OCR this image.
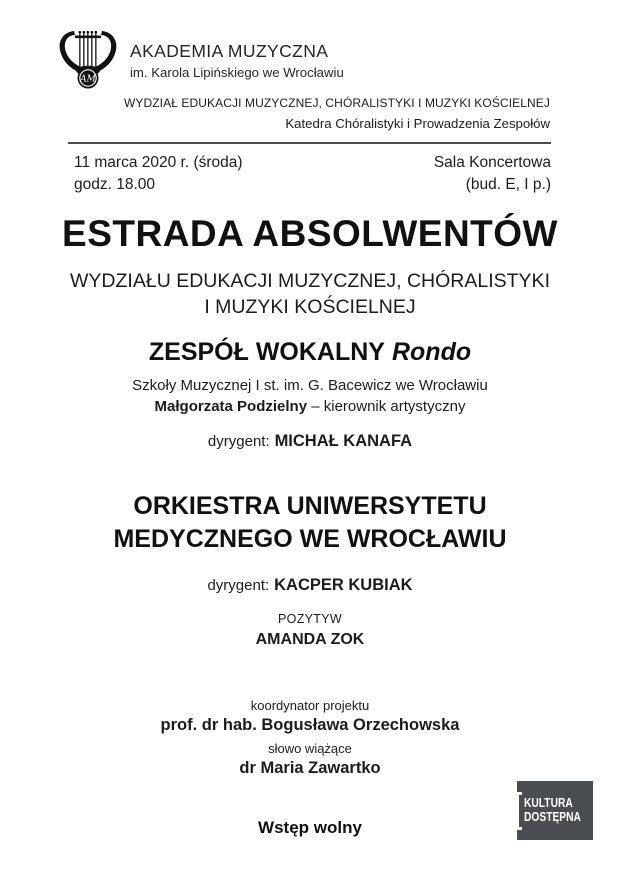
AM
AKADEMIA MUZYCZNA
im. Karola Lipińskiego we Wrocławiu
WYDZIAŁ EDUKACJI MUZYCZNEJ, CHÓRALISTYKI I MUZYKI KOŚCIELNEJ
Katedra Chóralistyki i Prowadzenia Zespołów
11 marca 2020 r. (środa)
godz. 18.00
Sala Koncertowa
(bud. E, I p.)
ESTRADA ABSOLWENTÓW
WYDZIAŁU EDUKACJI MUZYCZNEJ, CHÓRALISTYKI
I MUZYKI KOŚCIELNEJ
ZESPÓŁ WOKALNY Rondo
Szkoły Muzycznej I st. im. G. Bacewicz we Wrocławiu
Małgorzata Podzielny – kierownik artystyczny
dyrygent: MICHAŁ KANAFA
ORKIESTRA UNIWERSYTETU
MEDYCZNEGO WE WROCŁAWIU
dyrygent: KACPER KUBIAK
POZYTYW
AMANDA ZOK
koordynator projektu
prof. dr hab. Bogusława Orzechowska
słowo wiążące
dr Maria Zawartko
KULTURA
DOSTĘPNA
Wstęp wolny
